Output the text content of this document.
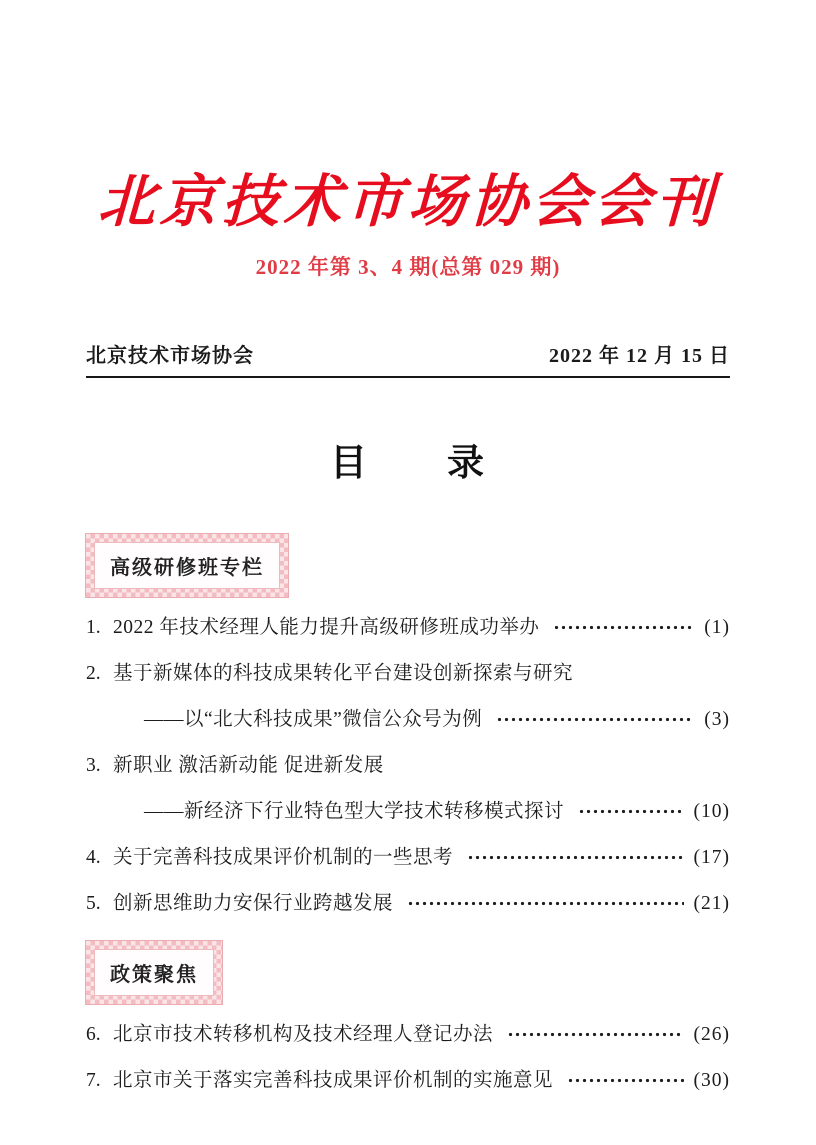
北京技术市场协会会刊
2022 年第 3、4 期(总第 029 期)
北京技术市场协会	2022 年 12 月 15 日
目　　录
高级研修班专栏
1. 2022 年技术经理人能力提升高级研修班成功举办	(1)
2. 基于新媒体的科技成果转化平台建设创新探索与研究
——以“北大科技成果”微信公众号为例	(3)
3. 新职业 激活新动能 促进新发展
——新经济下行业特色型大学技术转移模式探讨	(10)
4. 关于完善科技成果评价机制的一些思考	(17)
5. 创新思维助力安保行业跨越发展	(21)
政策聚焦
6. 北京市技术转移机构及技术经理人登记办法	(26)
7. 北京市关于落实完善科技成果评价机制的实施意见	(30)
